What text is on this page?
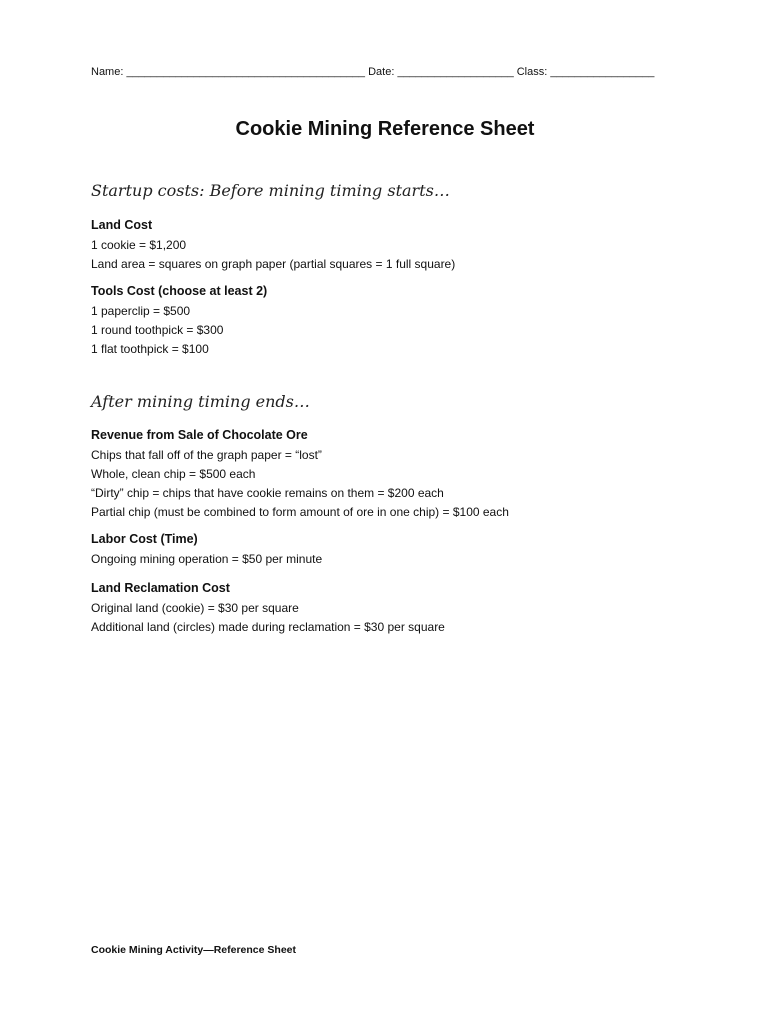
Name: _______________________________________ Date: ___________________ Class: _________________
Cookie Mining Reference Sheet
Startup costs: Before mining timing starts…
Land Cost
1 cookie = $1,200
Land area = squares on graph paper (partial squares = 1 full square)
Tools Cost (choose at least 2)
1 paperclip = $500
1 round toothpick = $300
1 flat toothpick = $100
After mining timing ends…
Revenue from Sale of Chocolate Ore
Chips that fall off of the graph paper = “lost”
Whole, clean chip = $500 each
“Dirty” chip = chips that have cookie remains on them = $200 each
Partial chip (must be combined to form amount of ore in one chip) = $100 each
Labor Cost (Time)
Ongoing mining operation = $50 per minute
Land Reclamation Cost
Original land (cookie) = $30 per square
Additional land (circles) made during reclamation = $30 per square
Cookie Mining Activity—Reference Sheet
